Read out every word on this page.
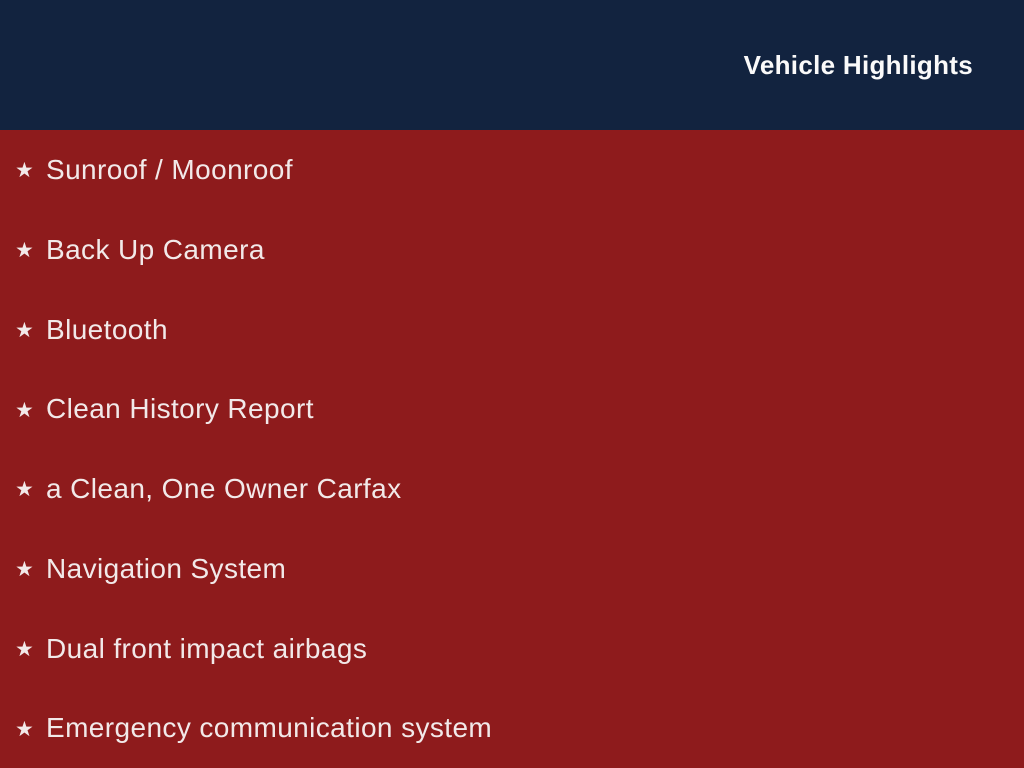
Vehicle Highlights
★ Sunroof / Moonroof
★ Back Up Camera
★ Bluetooth
★ Clean History Report
★ a Clean, One Owner Carfax
★ Navigation System
★ Dual front impact airbags
★ Emergency communication system
